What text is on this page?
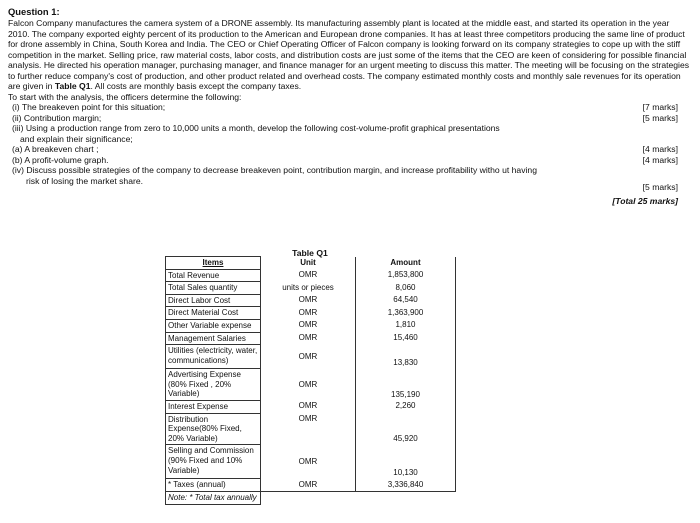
Question 1:

Falcon Company manufactures the camera system of a DRONE assembly. Its manufacturing assembly plant is located at the middle east, and started its operation in the year 2010. The company exported eighty percent of its production to the American and European drone companies. It has at least three competitors producing the same line of product for drone assembly in China, South Korea and India. The CEO or Chief Operating Officer of Falcon company is looking forward on its company strategies to cope up with the stiff competition in the market. Selling price, raw material costs, labor costs, and distribution costs are just some of the items that the CEO are keen of considering for possible financial analysis. He directed his operation manager, purchasing manager, and finance manager for an urgent meeting to discuss this matter. The meeting will be focusing on the strategies to further reduce company's cost of production, and other product related and overhead costs. The company estimated monthly costs and monthly sale revenues for its operation are given in Table Q1. All costs are monthly basis except the company taxes.

To start with the analysis, the officers determine the following:
(i) The breakeven point for this situation;	[7 marks]
(ii) Contribution margin;	[5 marks]
(iii) Using a production range from zero to 10,000 units a month, develop the following cost-volume-profit graphical presentations
and explain their significance;
(a) A breakeven chart ;	[4 marks]
(b) A profit-volume graph.	[4 marks]
(iv) Discuss possible strategies of the company to decrease breakeven point, contribution margin, and increase profitability witho ut having
risk of losing the market share.
[5 marks]
[Total 25 marks]
Table Q1
Items	Unit	Amount
Total Revenue	OMR	1,853,800
Total Sales quantity	units or pieces	8,060
Direct Labor Cost	OMR	64,540
Direct Material Cost	OMR	1,363,900
Other Variable expense	OMR	1,810
Management Salaries	OMR	15,460
Utilities (electricity, water, communications)	OMR	13,830
Advertising Expense (80% Fixed , 20% Variable)	OMR	135,190
Interest Expense	OMR	2,260
Distribution Expense(80% Fixed, 20% Variable)	OMR	45,920
Selling and Commission (90% Fixed and 10% Variable)	OMR	10,130
* Taxes (annual)	OMR	3,336,840
Note: * Total tax annually		
